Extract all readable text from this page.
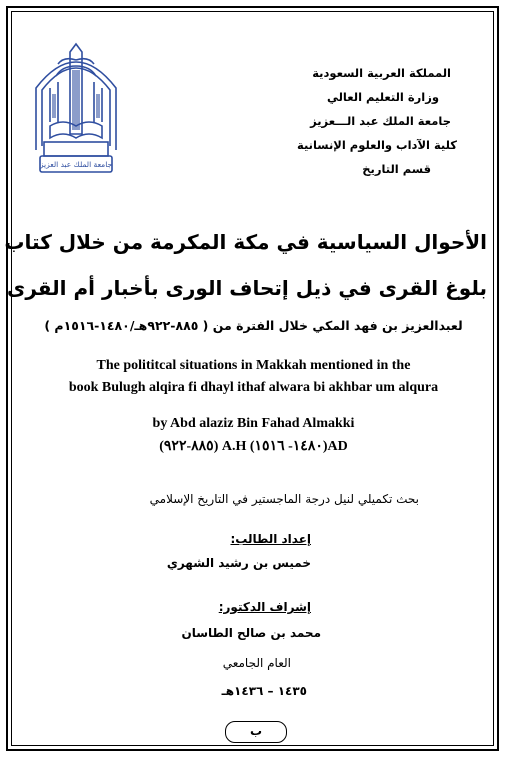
جامعة الملك عبد العزيز
المملكة العربية السعودية
وزارة التعليم العالي
جامعة الملك عبد الـــعزيز
كلية الآداب والعلوم الإنسانية
قسم التاريخ
الأحوال السياسية في مكة المكرمة من خلال كتاب
بلوغ القرى في ذيل إتحاف الورى بأخبار أم القرى
لعبدالعزيز بن فهد المكي خلال الفترة من ( ٨٨٥-٩٢٢هـ/١٤٨٠-١٥١٦م )
The polititcal situations in Makkah mentioned in the
book Bulugh alqira fi dhayl ithaf alwara bi akhbar um alqura
by Abd alaziz Bin Fahad Almakki
(٨٨٥-٩٢٢) A.H (١٤٨٠- ١٥١٦)AD
بحث تكميلي لنيل درجة الماجستير في التاريخ الإسلامي
إعداد الطالب:
خميس بن رشيد الشهري
إشراف الدكتور:
محمد بن صالح الطاسان
العام الجامعي
١٤٣٥ – ١٤٣٦هـ
ب
